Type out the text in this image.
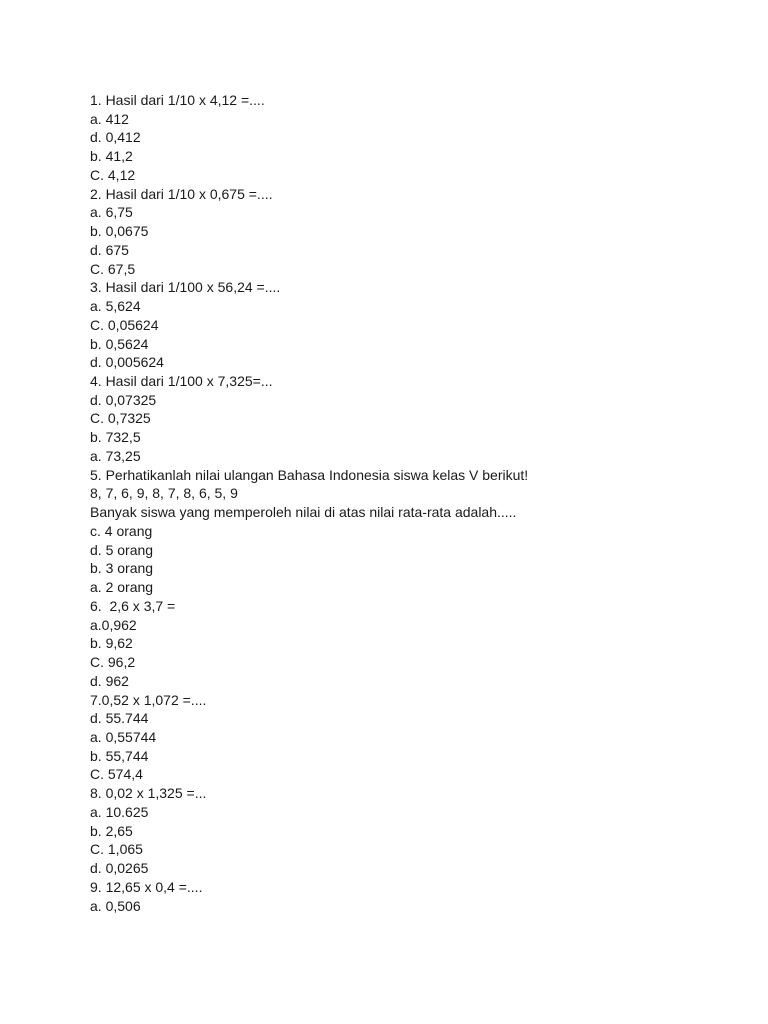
1. Hasil dari 1/10 x 4,12 =....
a. 412
d. 0,412
b. 41,2
C. 4,12
2. Hasil dari 1/10 x 0,675 =....
a. 6,75
b. 0,0675
d. 675
C. 67,5
3. Hasil dari 1/100 x 56,24 =....
a. 5,624
C. 0,05624
b. 0,5624
d. 0,005624
4. Hasil dari 1/100 x 7,325=...
d. 0,07325
C. 0,7325
b. 732,5
a. 73,25
5. Perhatikanlah nilai ulangan Bahasa Indonesia siswa kelas V berikut!
8, 7, 6, 9, 8, 7, 8, 6, 5, 9
Banyak siswa yang memperoleh nilai di atas nilai rata-rata adalah.....
c. 4 orang
d. 5 orang
b. 3 orang
a. 2 orang
6.  2,6 x 3,7 =
a.0,962
b. 9,62
C. 96,2
d. 962
7.0,52 x 1,072 =....
d. 55.744
a. 0,55744
b. 55,744
C. 574,4
8. 0,02 x 1,325 =...
a. 10.625
b. 2,65
C. 1,065
d. 0,0265
9. 12,65 x 0,4 =....
a. 0,506
